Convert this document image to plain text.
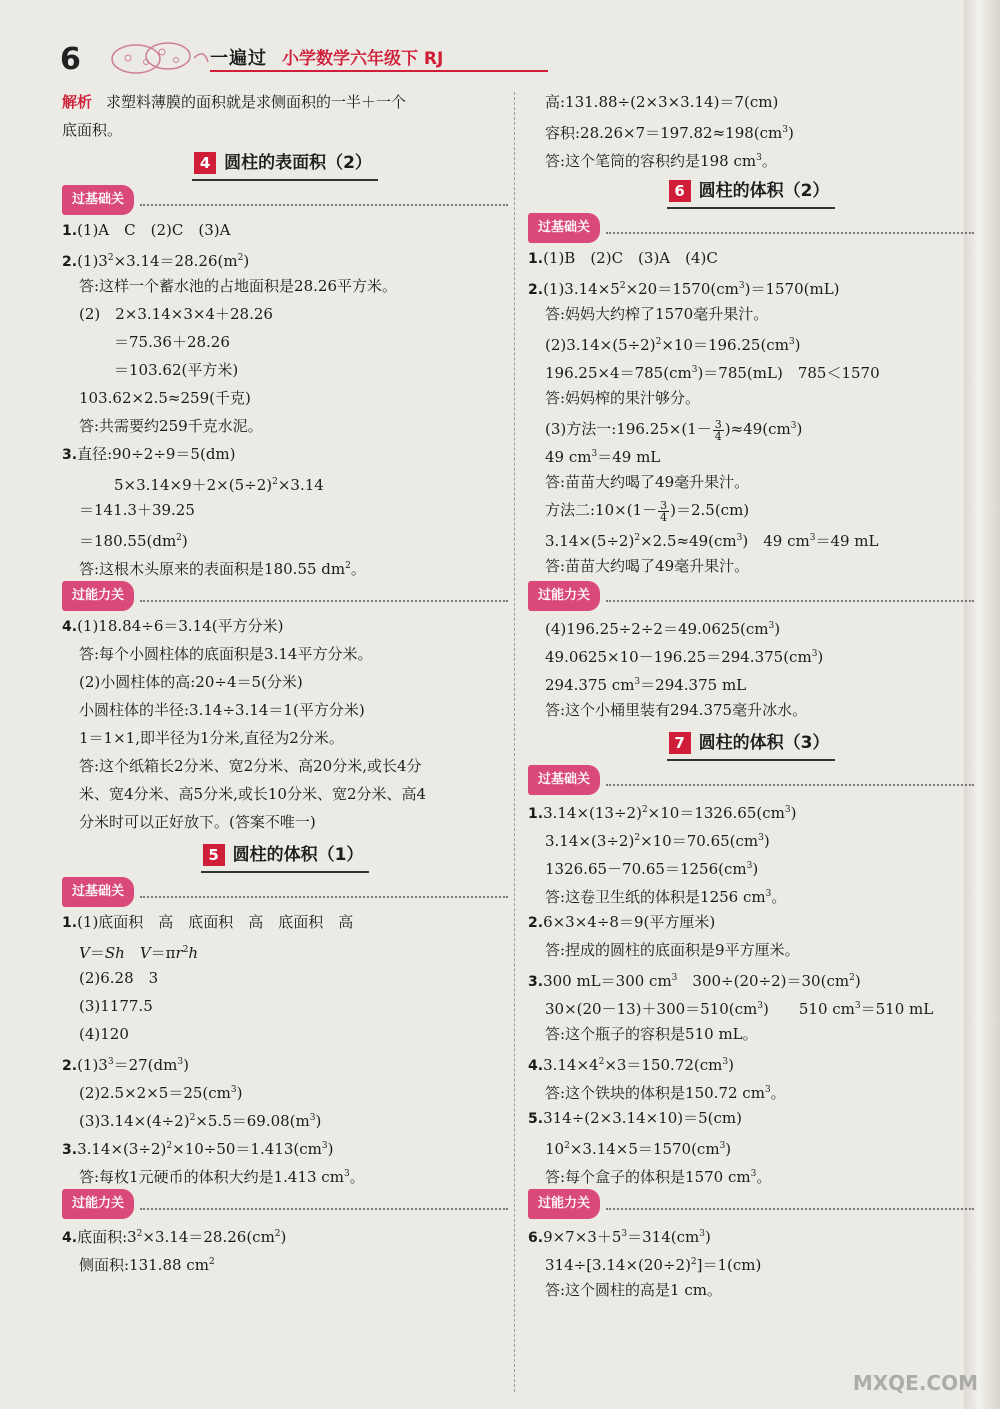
6	一遍过 小学数学六年级下 RJ
解析 求塑料薄膜的面积就是求侧面积的一半＋一个
底面积。
4 圆柱的表面积（2）
过基础关
1.(1)A　C　(2)C　(3)A
$2.(1)3^2\times 3.14=28.26(m^2)$
答:这样一个蓄水池的占地面积是28.26平方米。
(2)　2×3.14×3×4＋28.26
＝75.36＋28.26
＝103.62(平方米)
103.62×2.5≈259(千克)
答:共需要约259千克水泥。
3.直径:90÷2÷9＝5(dm)
$5\times 3.14\times 9+2\times(5\div 2)^2\times 3.14$
＝141.3＋39.25
$=180.55(dm^2)$
答:这根木头原来的表面积是180.55 $dm^2$。
过能力关
4.(1)18.84÷6＝3.14(平方分米)
答:每个小圆柱体的底面积是3.14平方分米。
(2)小圆柱体的高:20÷4＝5(分米)
小圆柱体的半径:3.14÷3.14＝1(平方分米)
1＝1×1,即半径为1分米,直径为2分米。
答:这个纸箱长2分米、宽2分米、高20分米,或长4分
米、宽4分米、高5分米,或长10分米、宽2分米、高4
分米时可以正好放下。(答案不唯一)
5 圆柱的体积（1）
过基础关
1.(1)底面积　高　底面积　高　底面积　高
V＝Sh　 $V=\pi r^2h$
(2)6.28　3
(3)1177.5
(4)120
$2.(1)3^3=27(dm^3)$
$(2)2.5\times 2\times 5=25(cm^3)$
$(3)3.14\times(4\div 2)^2\times 5.5=69.08(m^3)$
$3.3.14\times(3\div 2)^2\times 10\div 50=1.413(cm^3)$
答:每枚1元硬币的体积大约是1.413 $cm^3$。
过能力关
4.底面积$:3^2\times 3.14=28.26(cm^2)$
侧面积:131.88 $cm^2$
高:131.88÷(2×3×3.14)＝7(cm)
容积$:28.26\times 7=197.82\approx 198(cm^3)$
答:这个笔筒的容积约是198 $cm^3$。
6 圆柱的体积（2）
过基础关
1.(1)B　(2)C　(3)A　(4)C
$2.(1)3.14\times 5^2\times 20=1570(cm^3)=1570(mL)$
答:妈妈大约榨了1570毫升果汁。
$(2)3.14\times(5\div 2)^2\times 10=196.25(cm^3)$
$196.25\times 4=785(cm^3)=785(mL)$　785＜1570
答:妈妈榨的果汁够分。
(3)方法一:196.25×(1－ $\frac{3}{4} )\approx 49(cm^3)$
49 $cm^3=49$ mL
答:苗苗大约喝了49毫升果汁。
方法二:10×(1－ $\frac{3}{4} )=2.5(cm)$
$3.14\times(5\div 2)^2\times 2.5\approx 49(cm^3)$　49 $cm^3=49$ mL
答:苗苗大约喝了49毫升果汁。
过能力关
$(4)196.25\div 2\div 2=49.0625(cm^3)$
$49.0625\times 10-196.25=294.375(cm^3)$
294.375 $cm^3=294.375$ mL
答:这个小桶里装有294.375毫升冰水。
7 圆柱的体积（3）
过基础关
$1.3.14\times(13\div 2)^2\times 10=1326.65(cm^3)$
$3.14\times(3\div 2)^2\times 10=70.65(cm^3)$
$1326.65-70.65=1256(cm^3)$
答:这卷卫生纸的体积是1256 $cm^3$。
2.6×3×4÷8＝9(平方厘米)
答:捏成的圆柱的底面积是9平方厘米。
3.300 mL＝300 $cm^3$　$300\div(20\div 2)=30(cm^2)$
$30\times(20-13)+300=510(cm^3)$　　510 $cm^3=510$ mL
答:这个瓶子的容积是510 mL。
$4.3.14\times 4^2\times 3=150.72(cm^3)$
答:这个铁块的体积是150.72 $cm^3$。
5.314÷(2×3.14×10)＝5(cm)
$10^2\times 3.14\times 5=1570(cm^3)$
答:每个盒子的体积是1570 $cm^3$。
过能力关
$6.9\times 7\times 3+5^3=314(cm^3)$
$314\div[3.14\times(20\div 2)^2]=1(cm)$
答:这个圆柱的高是1 cm。
MXQE.COM
